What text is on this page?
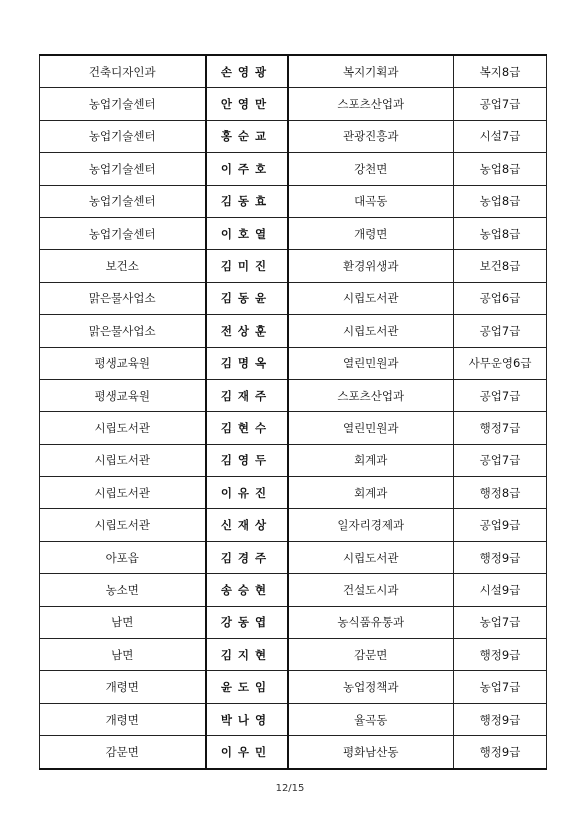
건축디자인과	손영광	복지기획과	복지8급
농업기술센터	안영만	스포츠산업과	공업7급
농업기술센터	홍순교	관광진흥과	시설7급
농업기술센터	이주호	강천면	농업8급
농업기술센터	김동효	대곡동	농업8급
농업기술센터	이호열	개령면	농업8급
보건소	김미진	환경위생과	보건8급
맑은물사업소	김동윤	시립도서관	공업6급
맑은물사업소	전상훈	시립도서관	공업7급
평생교육원	김명옥	열린민원과	사무운영6급
평생교육원	김재주	스포츠산업과	공업7급
시립도서관	김현수	열린민원과	행정7급
시립도서관	김영두	회계과	공업7급
시립도서관	이유진	회계과	행정8급
시립도서관	신재상	일자리경제과	공업9급
아포읍	김경주	시립도서관	행정9급
농소면	송승현	건설도시과	시설9급
남면	강동엽	농식품유통과	농업7급
남면	김지현	감문면	행정9급
개령면	윤도임	농업정책과	농업7급
개령면	박나영	율곡동	행정9급
감문면	이우민	평화남산동	행정9급
12/15
